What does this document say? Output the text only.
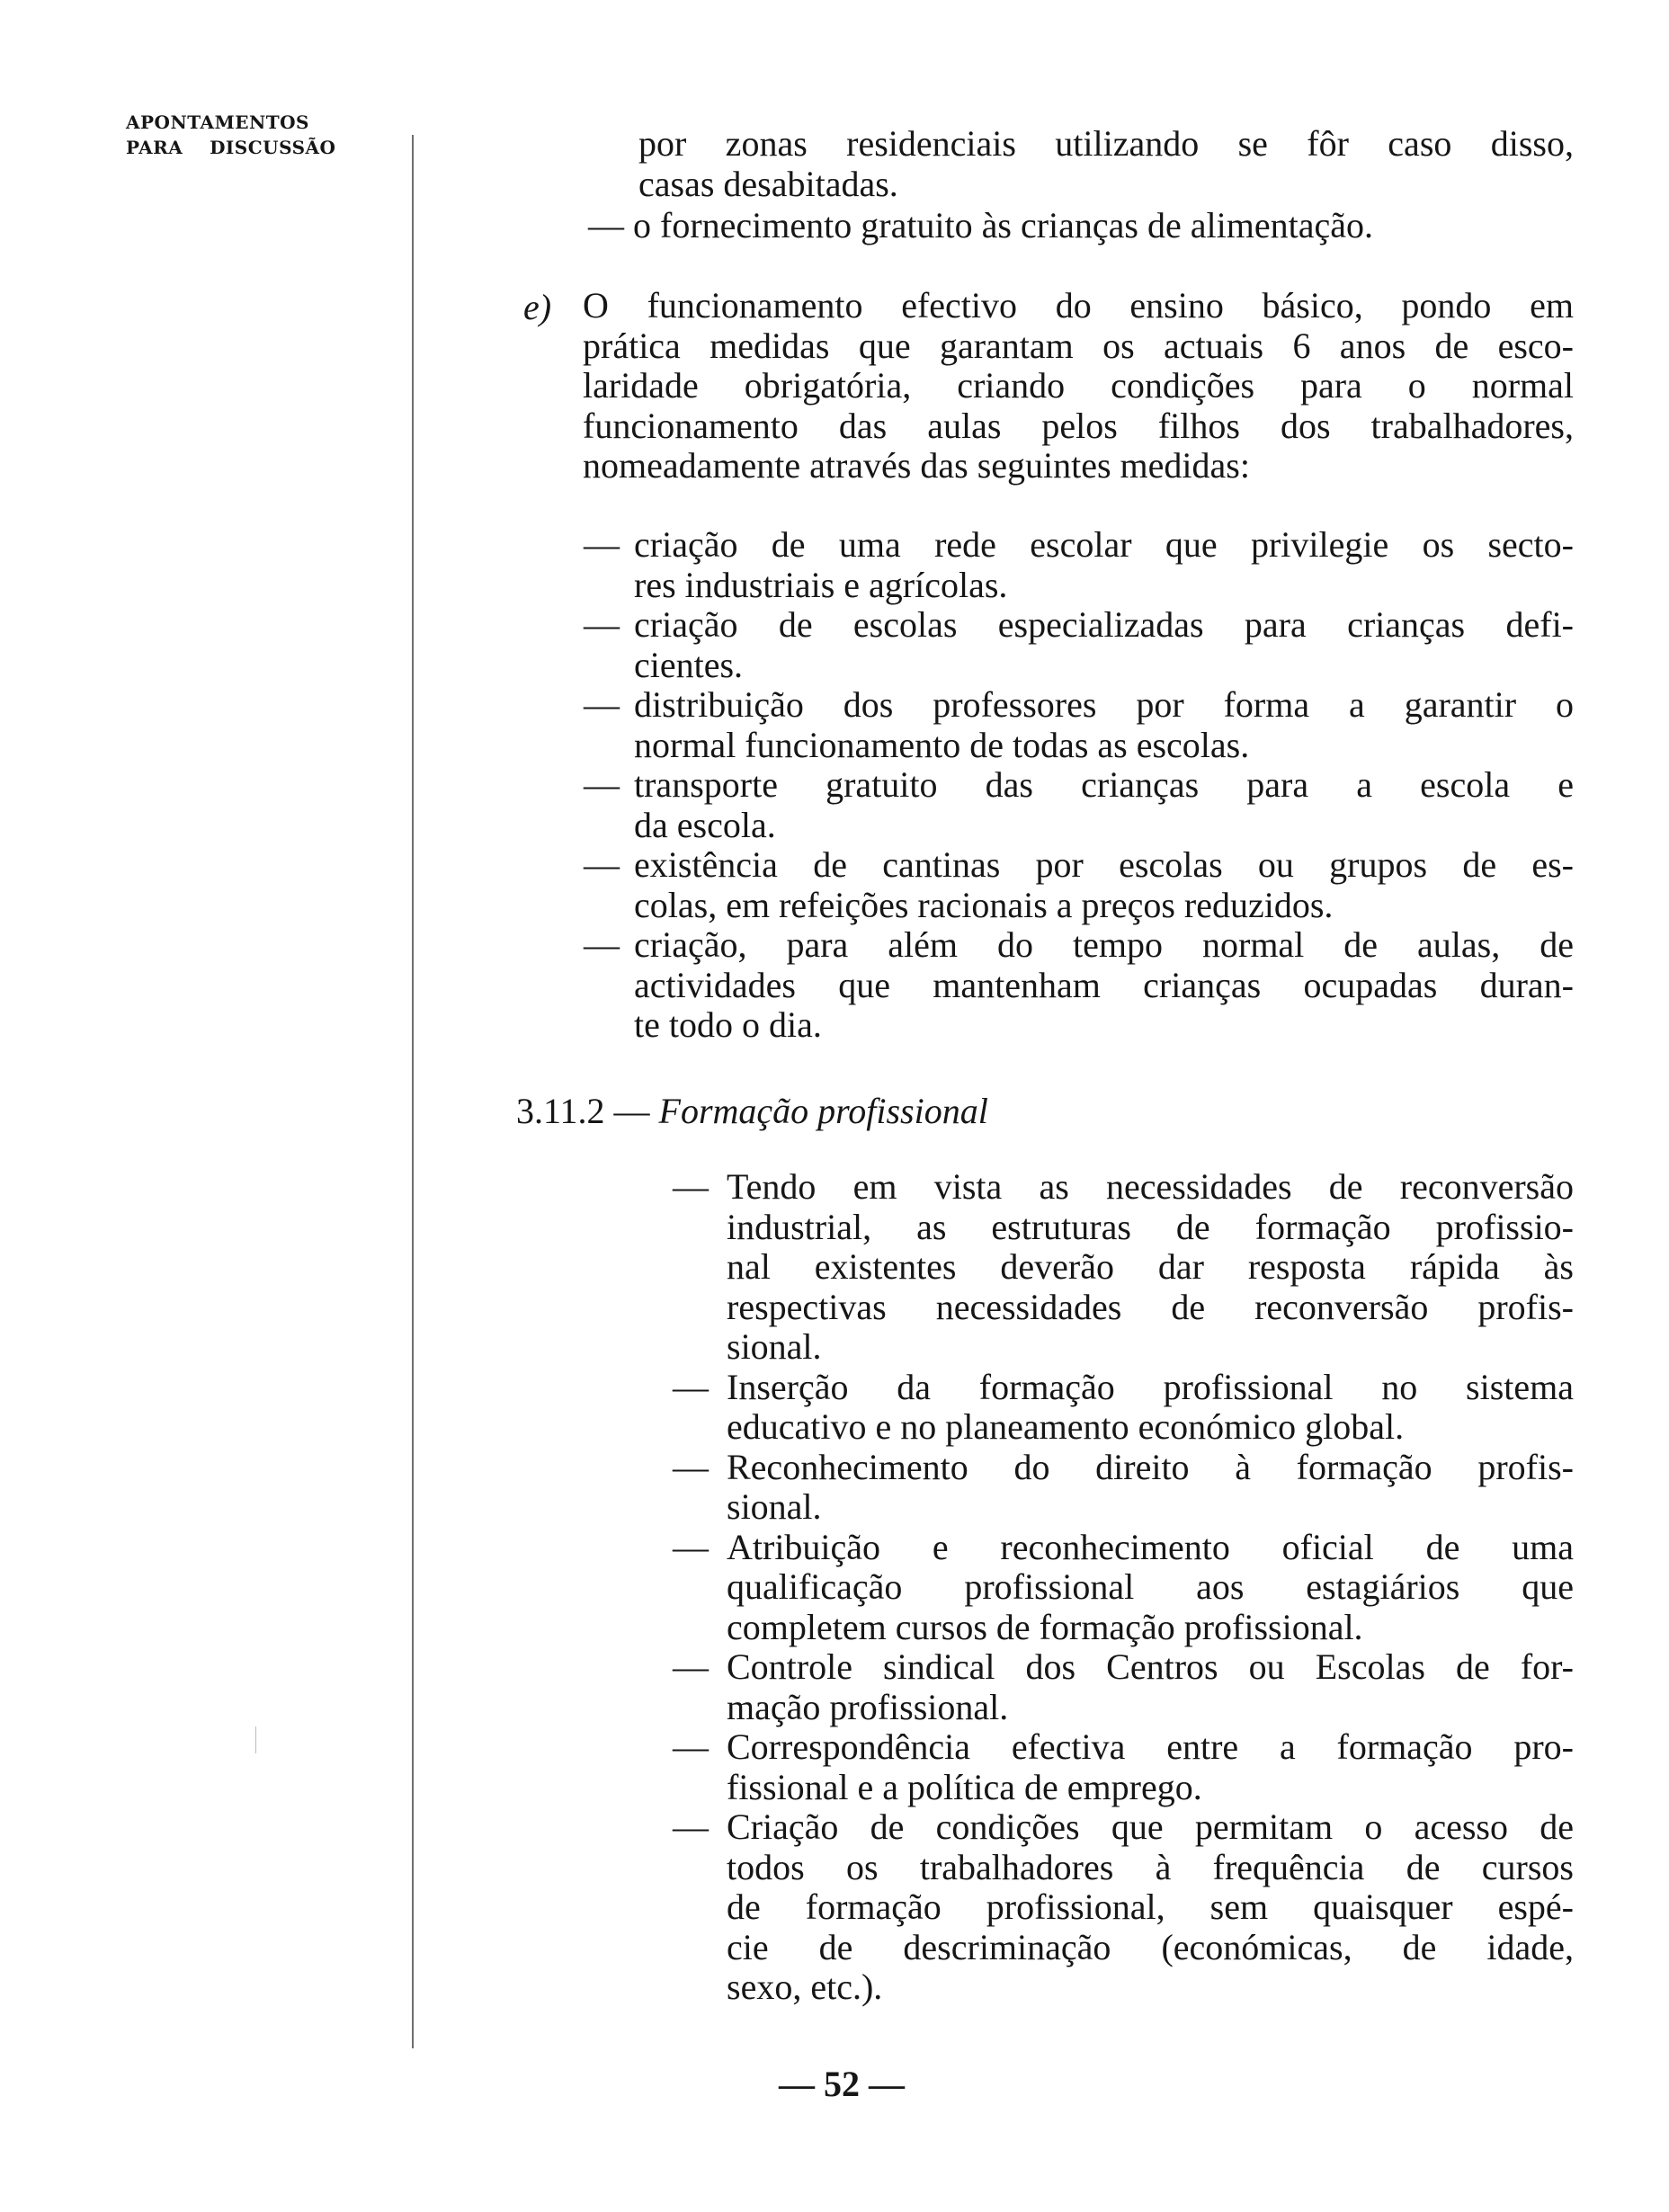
APONTAMENTOS
PARA    DISCUSSÃO	por zonas residenciais utilizando se fôr caso disso,

casas desabitadas.

— o fornecimento gratuito às crianças de alimentação.
e) O funcionamento efectivo do ensino básico, pondo em

prática medidas que garantam os actuais 6 anos de esco-

laridade obrigatória, criando condições para o normal

funcionamento das aulas pelos filhos dos trabalhadores,

nomeadamente através das seguintes medidas:

— criação de uma rede escolar que privilegie os secto-

res industriais e agrícolas.

— criação de escolas especializadas para crianças defi-

cientes.

— distribuição dos professores por forma a garantir o

normal funcionamento de todas as escolas.

— transporte gratuito das crianças para a escola e

da escola.

— existência de cantinas por escolas ou grupos de es-

colas, em refeições racionais a preços reduzidos.

— criação, para além do tempo normal de aulas, de

actividades que mantenham crianças ocupadas duran-

te todo o dia.

3.11.2 — Formação profissional
— Tendo em vista as necessidades de reconversão

industrial, as estruturas de formação profissio-

nal existentes deverão dar resposta rápida às

respectivas necessidades de reconversão profis-

sional.

— Inserção da formação profissional no sistema

educativo e no planeamento económico global.

— Reconhecimento do direito à formação profis-

sional.

— Atribuição e reconhecimento oficial de uma

qualificação profissional aos estagiários que

completem cursos de formação profissional.

— Controle sindical dos Centros ou Escolas de for-

mação profissional.

— Correspondência efectiva entre a formação pro-

fissional e a política de emprego.

— Criação de condições que permitam o acesso de

todos os trabalhadores à frequência de cursos

de formação profissional, sem quaisquer espé-

cie de descriminação (económicas, de idade,

sexo, etc.).

— 52 —
